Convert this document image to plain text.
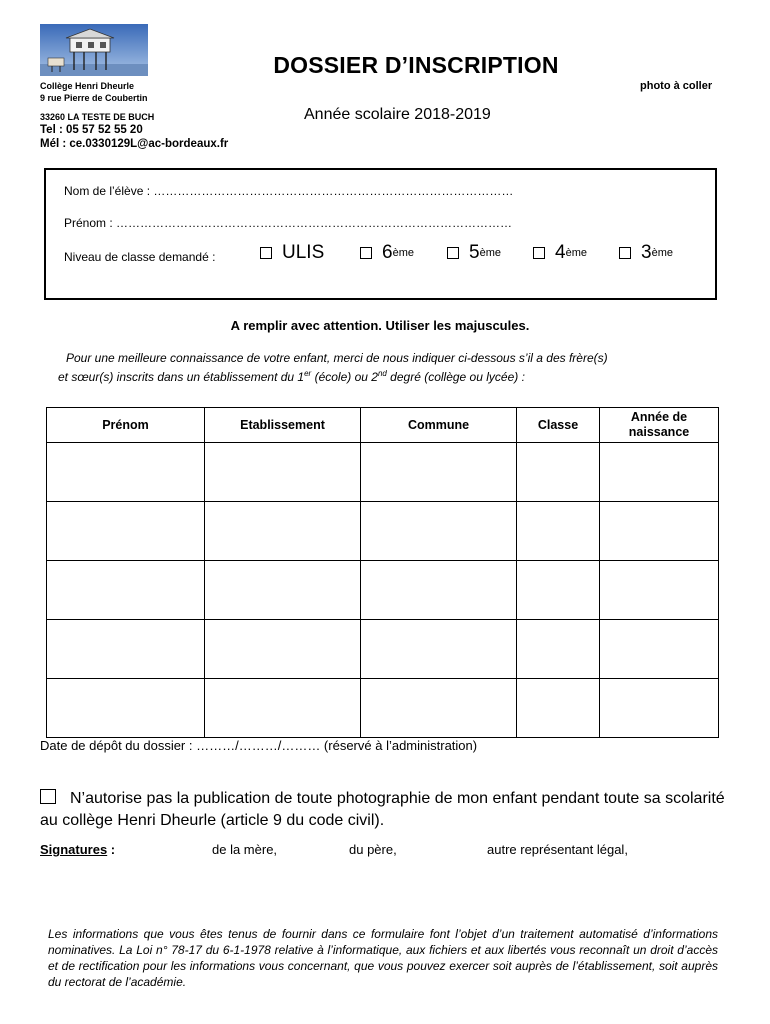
Collège Henri Dheurle
9 rue Pierre de Coubertin
33260 LA TESTE DE BUCH
Tel : 05 57 52 55 20
Mél : ce.0330129L@ac-bordeaux.fr
DOSSIER D’INSCRIPTION
photo à coller
Année scolaire 2018-2019
Nom de l’élève : ………………………………………………………………………………
Prénom : ………………………………………………………………………………………
Niveau de classe demandé :	ULIS	6 ème	5 ème	4 ème	3 ème
A remplir avec attention. Utiliser les majuscules.
Pour une meilleure connaissance de votre enfant, merci de nous indiquer ci-dessous s’il a des frère(s)
et sœur(s) inscrits dans un établissement du 1er (école) ou 2nd degré (collège ou lycée) :
Prénom	Etablissement	Commune	Classe	Année de naissance

Date de dépôt du dossier : ………/………/……… (réservé à l’administration)
N’autorise pas la publication de toute photographie de mon enfant pendant toute sa scolarité au collège Henri Dheurle (article 9 du code civil).
Signatures :	de la mère,	du père,	autre représentant légal,
Les informations que vous êtes tenus de fournir dans ce formulaire font l’objet d’un traitement automatisé d’informations nominatives. La Loi n° 78-17 du 6-1-1978 relative à l’informatique, aux fichiers et aux libertés vous reconnaît un droit d’accès et de rectification pour les informations vous concernant, que vous pouvez exercer soit auprès de l’établissement, soit auprès du rectorat de l’académie.
